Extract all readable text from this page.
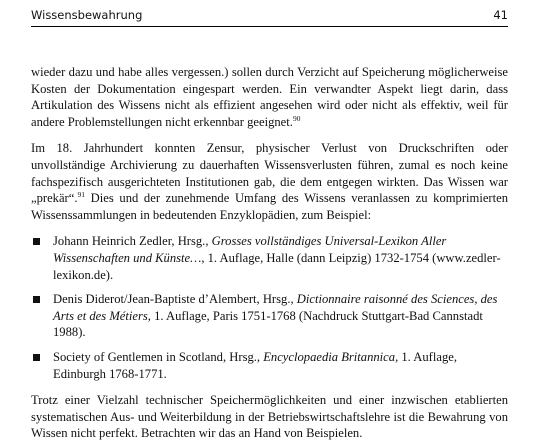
Wissensbewahrung	41

wieder dazu und habe alles vergessen.) sollen durch Verzicht auf Speicherung möglicherweise Kosten der Dokumentation eingespart werden. Ein verwandter Aspekt liegt darin, dass Artikulation des Wissens nicht als effizient angesehen wird oder nicht als effektiv, weil für andere Problemstellungen nicht erkennbar geeignet.$^{90}$

Im 18. Jahrhundert konnten Zensur, physischer Verlust von Druckschriften oder unvollständige Archivierung zu dauerhaften Wissensverlusten führen, zumal es noch keine fachspezifisch ausgerichteten Institutionen gab, die dem entgegen wirkten. Das Wissen war „prekär“.$^{91}$ Dies und der zunehmende Umfang des Wissens veranlassen zu komprimierten Wissenssammlungen in bedeutenden Enzyklopädien, zum Beispiel:

Johann Heinrich Zedler, Hrsg., Grosses vollständiges Universal-Lexikon Aller Wissenschaften und Künste…, 1. Auflage, Halle (dann Leipzig) 1732-1754 (www.zedler-lexikon.de).
Denis Diderot/Jean-Baptiste d’Alembert, Hrsg., Dictionnaire raisonné des Sciences, des Arts et des Métiers, 1. Auflage, Paris 1751-1768 (Nachdruck Stuttgart-Bad Cannstadt 1988).
Society of Gentlemen in Scotland, Hrsg., Encyclopaedia Britannica, 1. Auflage, Edinburgh 1768-1771.

Trotz einer Vielzahl technischer Speichermöglichkeiten und einer inzwischen etablierten systematischen Aus- und Weiterbildung in der Betriebswirtschaftslehre ist die Bewahrung von Wissen nicht perfekt. Betrachten wir das an Hand von Beispielen.
